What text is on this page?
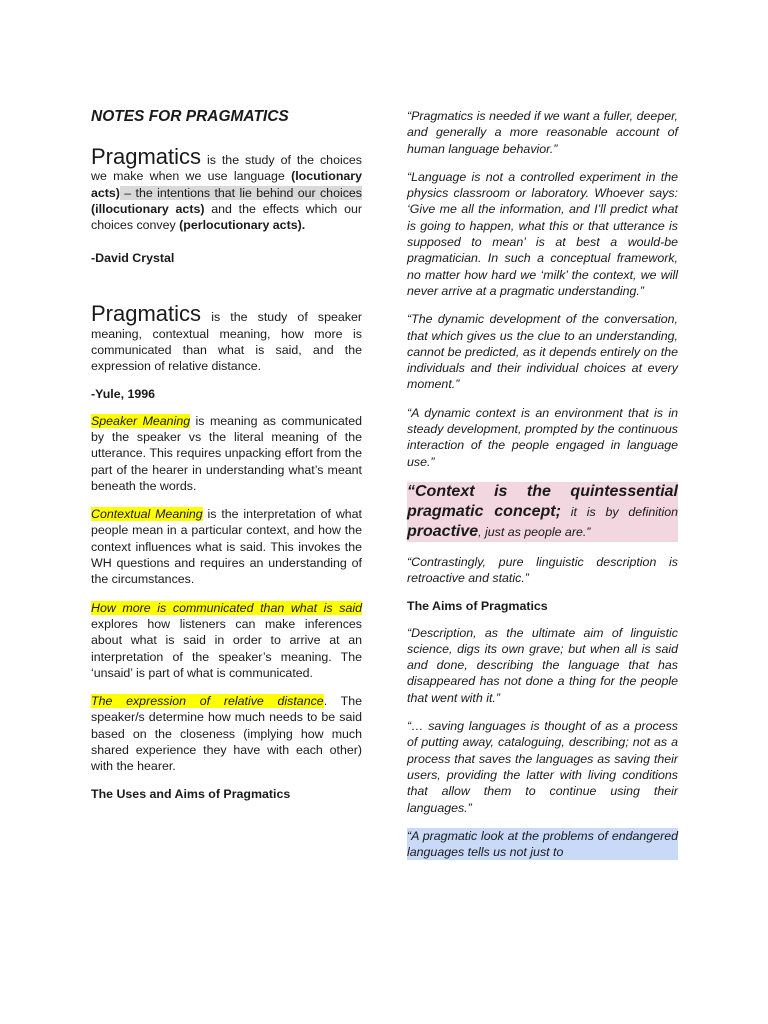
NOTES FOR PRAGMATICS

Pragmatics is the study of the choices we make when we use language (locutionary acts) – the intentions that lie behind our choices (illocutionary acts) and the effects which our choices convey (perlocutionary acts).

-David Crystal

Pragmatics is the study of speaker meaning, contextual meaning, how more is communicated than what is said, and the expression of relative distance.

-Yule, 1996

Speaker Meaning is meaning as communicated by the speaker vs the literal meaning of the utterance. This requires unpacking effort from the part of the hearer in understanding what’s meant beneath the words.

Contextual Meaning is the interpretation of what people mean in a particular context, and how the context influences what is said. This invokes the WH questions and requires an understanding of the circumstances.

How more is communicated than what is said explores how listeners can make inferences about what is said in order to arrive at an interpretation of the speaker’s meaning. The ‘unsaid’ is part of what is communicated.

The expression of relative distance. The speaker/s determine how much needs to be said based on the closeness (implying how much shared experience they have with each other) with the hearer.

The Uses and Aims of Pragmatics

“Pragmatics is needed if we want a fuller, deeper, and generally a more reasonable account of human language behavior.”

“Language is not a controlled experiment in the physics classroom or laboratory. Whoever says: ‘Give me all the information, and I’ll predict what is going to happen, what this or that utterance is supposed to mean’ is at best a would-be pragmatician. In such a conceptual framework, no matter how hard we ‘milk’ the context, we will never arrive at a pragmatic understanding.”

“The dynamic development of the conversation, that which gives us the clue to an understanding, cannot be predicted, as it depends entirely on the individuals and their individual choices at every moment.”

“A dynamic context is an environment that is in steady development, prompted by the continuous interaction of the people engaged in language use.”

“Context is the quintessential pragmatic concept; it is by definition proactive, just as people are.”

“Contrastingly, pure linguistic description is retroactive and static.”

The Aims of Pragmatics

“Description, as the ultimate aim of linguistic science, digs its own grave; but when all is said and done, describing the language that has disappeared has not done a thing for the people that went with it.”

“… saving languages is thought of as a process of putting away, cataloguing, describing; not as a process that saves the languages as saving their users, providing the latter with living conditions that allow them to continue using their languages.”

“A pragmatic look at the problems of endangered languages tells us not just to
